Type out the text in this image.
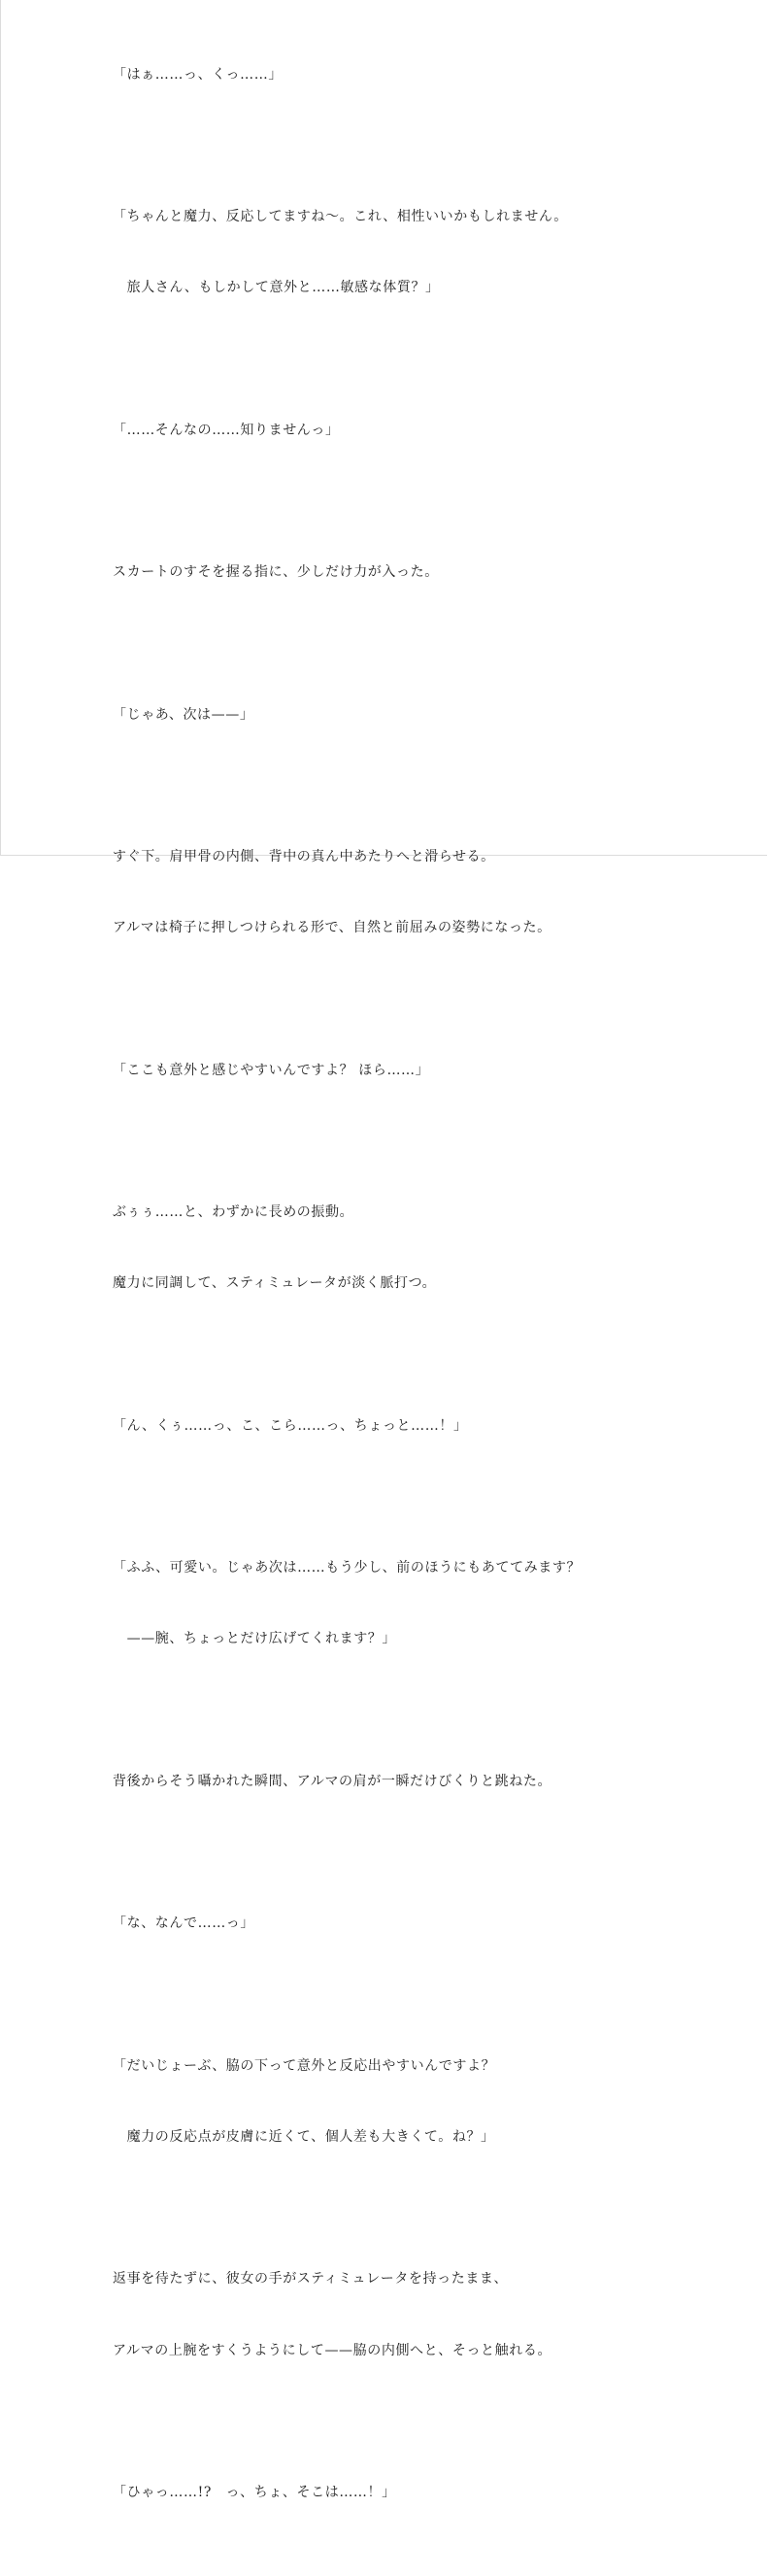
「はぁ……っ、くっ……」

「ちゃんと魔力、反応してますね～。これ、相性いいかもしれません。

　旅人さん、もしかして意外と……敏感な体質？」

「……そんなの……知りませんっ」

スカートのすそを握る指に、少しだけ力が入った。

「じゃあ、次は——」

すぐ下。肩甲骨の内側、背中の真ん中あたりへと滑らせる。

アルマは椅子に押しつけられる形で、自然と前屈みの姿勢になった。

「ここも意外と感じやすいんですよ？ ほら……」

ぶぅぅ……と、わずかに長めの振動。

魔力に同調して、スティミュレータが淡く脈打つ。

「ん、くぅ……っ、こ、こら……っ、ちょっと……！」

「ふふ、可愛い。じゃあ次は……もう少し、前のほうにもあててみます？

　——腕、ちょっとだけ広げてくれます？」

背後からそう囁かれた瞬間、アルマの肩が一瞬だけびくりと跳ねた。

「な、なんで……っ」

「だいじょーぶ、脇の下って意外と反応出やすいんですよ？

　魔力の反応点が皮膚に近くて、個人差も大きくて。ね？」

返事を待たずに、彼女の手がスティミュレータを持ったまま、

アルマの上腕をすくうようにして——脇の内側へと、そっと触れる。

「ひゃっ……!?　っ、ちょ、そこは……！」
